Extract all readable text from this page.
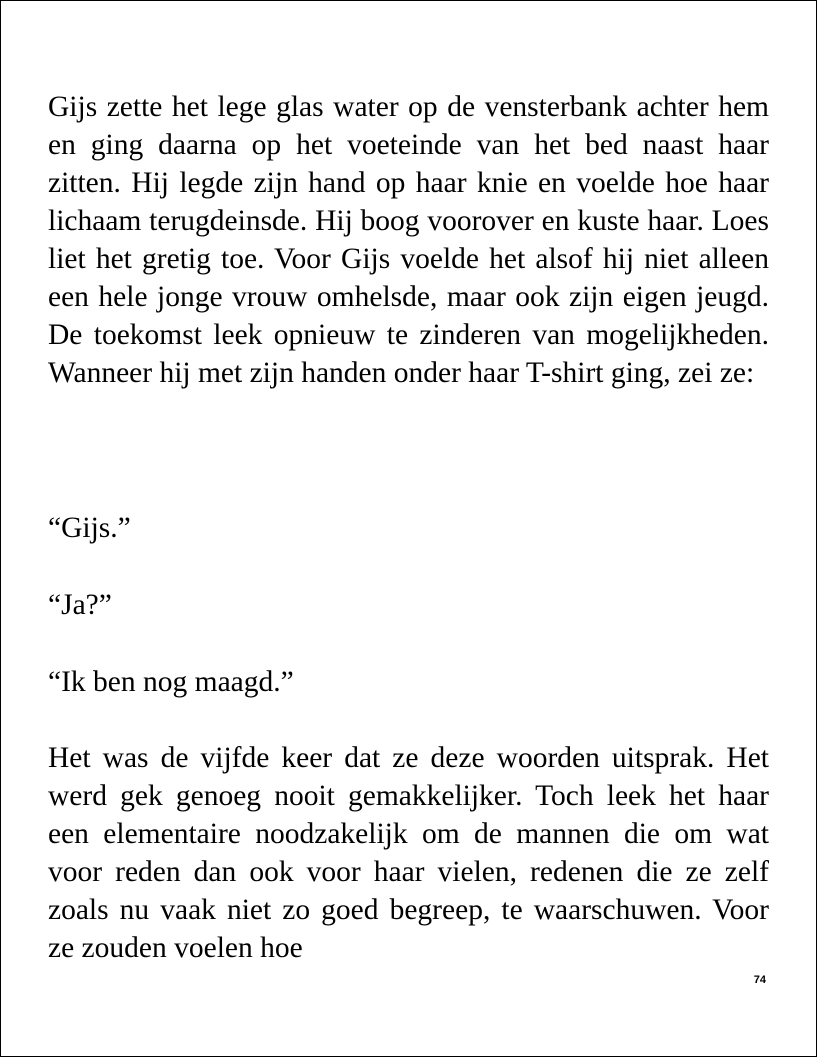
Gijs zette het lege glas water op de vensterbank achter hem en ging daarna op het voeteinde van het bed naast haar zitten. Hij legde zijn hand op haar knie en voelde hoe haar lichaam terugdeinsde. Hij boog voorover en kuste haar. Loes liet het gretig toe. Voor Gijs voelde het alsof hij niet alleen een hele jonge vrouw omhelsde, maar ook zijn eigen jeugd. De toekomst leek opnieuw te zinderen van mogelijkheden. Wanneer hij met zijn handen onder haar T-shirt ging, zei ze:

“Gijs.”

“Ja?”

“Ik ben nog maagd.”

Het was de vijfde keer dat ze deze woorden uitsprak. Het werd gek genoeg nooit gemakkelijker. Toch leek het haar een elementaire noodzakelijk om de mannen die om wat voor reden dan ook voor haar vielen, redenen die ze zelf zoals nu vaak niet zo goed begreep, te waarschuwen. Voor ze zouden voelen hoe

74
